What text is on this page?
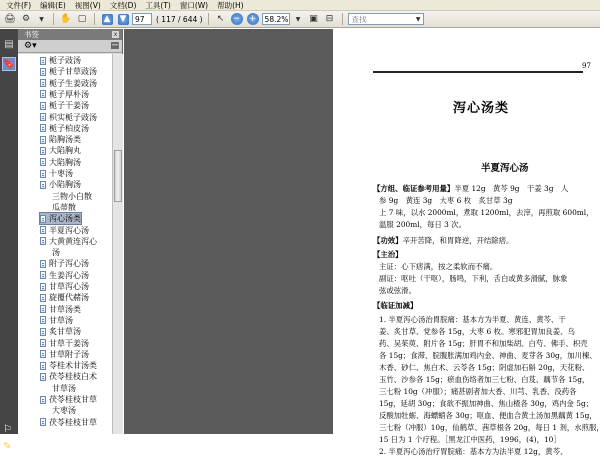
文件(F) 编辑(E) 视图(V) 文档(D) 工具(T) 窗口(W) 帮助(H)
🖨 ⚙	▼ ✋ ▢	▲ ▼	97	( 117 / 644 )	↖ − +	58.2% ▼ ▣ ⊟	查找	▼
▤
🔖
⚐
✎
书签	x
⚙▾	▤
栀子豉汤
栀子甘草豉汤
栀子生姜豉汤
栀子厚朴汤
栀子干姜汤
枳实栀子豉汤
栀子柏皮汤
陷胸汤类
大陷胸丸
大陷胸汤
十枣汤
小陷胸汤
三物小白散
瓜蒂散
泻心汤类
半夏泻心汤
大黄黄连泻心
汤
附子泻心汤
生姜泻心汤
甘草泻心汤
旋覆代赭汤
甘草汤类
甘草汤
炙甘草汤
甘草干姜汤
甘草附子汤
苓桂术甘汤类
茯苓桂枝白术
甘草汤
茯苓桂枝甘草
大枣汤
茯苓桂枝甘草
97
泻心汤类
半夏泻心汤
【方组、临证参考用量】半夏 12g　黄芩 9g　干姜 3g　人
参 9g　黄连 3g　大枣 6 枚　炙甘草 3g
上 7 味，以水 2000ml，煮取 1200ml，去滓，再煎取 600ml，
温服 200ml，每日 3 次。
【功效】辛开苦降，和胃降逆，开结除痞。
【主治】
主证：心下痞满，按之柔软而不痛。
副证：呕吐（干呕），肠鸣，下利，舌白或黄多滑腻，脉象
弦或弦滑。
【临证加减】
1. 半夏泻心汤治胃脘痛：基本方为半夏、黄连、黄芩、干
姜、炙甘草、党参各 15g，大枣 6 枚。寒邪犯胃加良姜、乌
药、吴茱萸、附片各 15g；肝胃不和加柴胡、白芍、佛手、枳壳
各 15g；食滞、脘腹胀满加鸡内金、神曲、麦芽各 30g，加川楝、
木香、砂仁、焦白术、云苓各 15g；阴虚加石斛 20g，天花粉、
玉竹、沙参各 15g；瘀血伤络者加三七粉、白芨、藕节各 15g，
三七粉 10g（冲服）；痛甚剧者加大香、川芎、乳香、没药各
15g，延胡 30g；食欲不振加神曲、焦山楂各 30g，鸡内金 5g；
反酸加牡蛎、海螵蛸各 30g；呕血、便血合黄土汤加黑藕黄 15g，
三七粉（冲服）10g，仙鹤草、茜草根各 20g，每日 1 剂，水煎服，
15 日为 1 个疗程。［黑龙江中医药，1996，(4)，10］
2. 半夏泻心汤治疗胃脘痛：基本方为法半夏 12g，黄芩、
